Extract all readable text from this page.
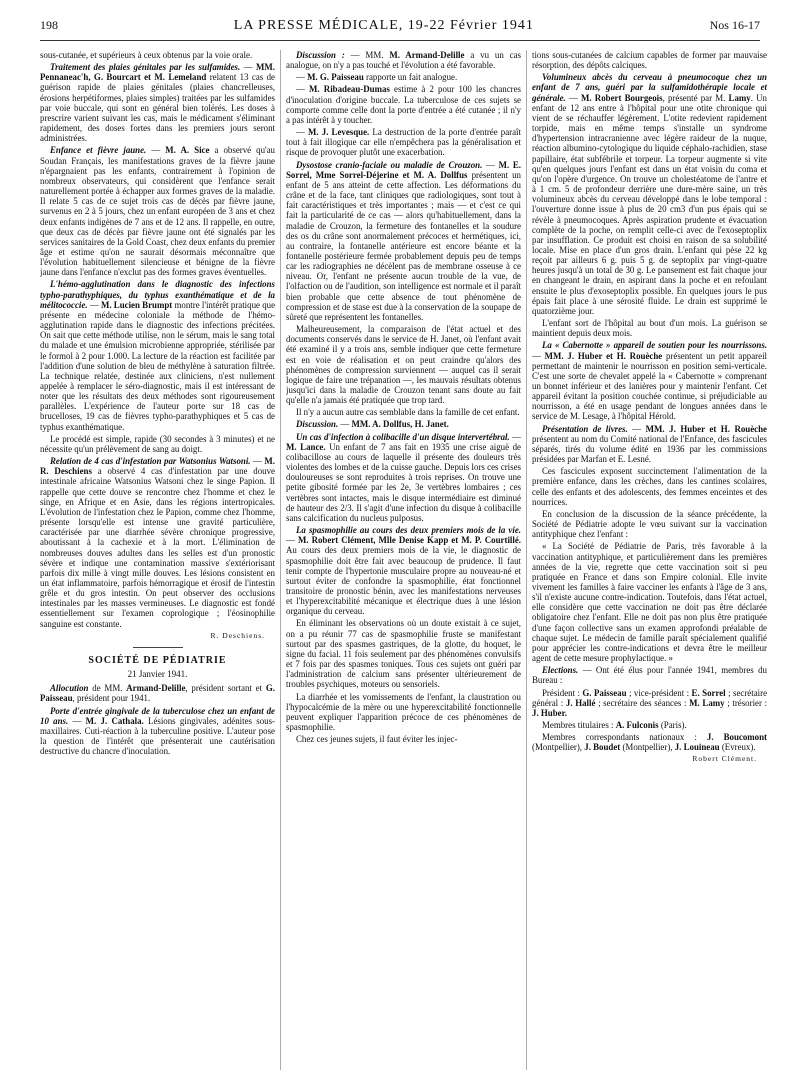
198	LA PRESSE MÉDICALE, 19-22 Février 1941	Nos 16-17

sous-cutanée, et supérieurs à ceux obtenus par la voie orale.

Traitement des plaies génitales par les sulfamides. — MM. Pennaneac'h, G. Bourcart et M. Lemeland relatent 13 cas de guérison rapide de plaies génitales (plaies chancrelleuses, érosions herpétiformes, plaies simples) traitées par les sulfamides par voie buccale, qui sont en général bien tolérés. Les doses à prescrire varient suivant les cas, mais le médicament s'éliminant rapidement, des doses fortes dans les premiers jours seront administrées.

Enfance et fièvre jaune. — M. A. Sice a observé qu'au Soudan Français, les manifestations graves de la fièvre jaune n'épargnaient pas les enfants, contrairement à l'opinion de nombreux observateurs, qui considèrent que l'enfance serait naturellement portée à échapper aux formes graves de la maladie. Il relate 5 cas de ce sujet trois cas de décès par fièvre jaune, survenus en 2 à 5 jours, chez un enfant européen de 3 ans et chez deux enfants indigènes de 7 ans et de 12 ans. Il rappelle, en outre, que deux cas de décès par fièvre jaune ont été signalés par les services sanitaires de la Gold Coast, chez deux enfants du premier âge et estime qu'on ne saurait désormais méconnaître que l'évolution habituellement silencieuse et bénigne de la fièvre jaune dans l'enfance n'exclut pas des formes graves éventuelles.

L'hémo-agglutination dans le diagnostic des infections typho-parathyphiques, du typhus exanthématique et de la mélitococcie. — M. Lucien Brumpt montre l'intérêt pratique que présente en médecine coloniale la méthode de l'hémo-agglutination rapide dans le diagnostic des infections précitées. On sait que cette méthode utilise, non le sérum, mais le sang total du malade et une émulsion microbienne appropriée, stérilisée par le formol à 2 pour 1.000. La lecture de la réaction est facilitée par l'addition d'une solution de bleu de méthylène à saturation filtrée. La technique relatée, destinée aux cliniciens, n'est nullement appelée à remplacer le séro-diagnostic, mais il est intéressant de noter que les résultats des deux méthodes sont rigoureusement parallèles. L'expérience de l'auteur porte sur 18 cas de brucelloses, 19 cas de fièvres typho-parathyphiques et 5 cas de typhus exanthématique.

Le procédé est simple, rapide (30 secondes à 3 minutes) et ne nécessite qu'un prélèvement de sang au doigt.

Relation de 4 cas d'infestation par Watsonius Watsoni. — M. R. Deschiens a observé 4 cas d'infestation par une douve intestinale africaine Watsonius Watsoni chez le singe Papion. Il rappelle que cette douve se rencontre chez l'homme et chez le singe, en Afrique et en Asie, dans les régions intertropicales. L'évolution de l'infestation chez le Papion, comme chez l'homme, présente lorsqu'elle est intense une gravité particulière, caractérisée par une diarrhée sévère chronique progressive, aboutissant à la cachexie et à la mort. L'élimination de nombreuses douves adultes dans les selles est d'un pronostic sévère et indique une contamination massive s'extériorisant parfois dix mille à vingt mille douves. Les lésions consistent en un état inflammatoire, parfois hémorragique et érosif de l'intestin grêle et du gros intestin. On peut observer des occlusions intestinales par les masses vermineuses. Le diagnostic est fondé essentiellement sur l'examen coprologique ; l'éosinophilie sanguine est constante.

R. Deschiens.

SOCIÉTÉ DE PÉDIATRIE

21 Janvier 1941.

Allocution de MM. Armand-Delille, président sortant et G. Paisseau, président pour 1941.

Porte d'entrée gingivale de la tuberculose chez un enfant de 10 ans. — M. J. Cathala. Lésions gingivales, adénites sous-maxillaires. Cuti-réaction à la tuberculine positive. L'auteur pose la question de l'intérêt que présenterait une cautérisation destructive du chancre d'inoculation.

Discussion : — MM. M. Armand-Delille a vu un cas analogue, on n'y a pas touché et l'évolution a été favorable.

— M. G. Paisseau rapporte un fait analogue.

— M. Ribadeau-Dumas estime à 2 pour 100 les chancres d'inoculation d'origine buccale. La tuberculose de ces sujets se comporte comme celle dont la porte d'entrée a été cutanée ; il n'y a pas intérêt à y toucher.

— M. J. Levesque. La destruction de la porte d'entrée paraît tout à fait illogique car elle n'empêchera pas la généralisation et risque de provoquer plutôt une exacerbation.

Dysostose cranio-faciale ou maladie de Crouzon. — M. E. Sorrel, Mme Sorrel-Déjerine et M. A. Dollfus présentent un enfant de 5 ans atteint de cette affection. Les déformations du crâne et de la face, tant cliniques que radiologiques, sont tout à fait caractéristiques et très importantes ; mais — et c'est ce qui fait la particularité de ce cas — alors qu'habituellement, dans la maladie de Crouzon, la fermeture des fontanelles et la soudure des os du crâne sont anormalement précoces et hermétiques, ici, au contraire, la fontanelle antérieure est encore béante et la fontanelle postérieure fermée probablement depuis peu de temps car les radiographies ne décèlent pas de membrane osseuse à ce niveau. Or, l'enfant ne présente aucun trouble de la vue, de l'olfaction ou de l'audition, son intelligence est normale et il paraît bien probable que cette absence de tout phénomène de compression et de stase est due à la conservation de la soupape de sûreté que représentent les fontanelles.

Malheureusement, la comparaison de l'état actuel et des documents conservés dans le service de H. Janet, où l'enfant avait été examiné il y a trois ans, semble indiquer que cette fermeture est en voie de réalisation et on peut craindre qu'alors des phénomènes de compression surviennent — auquel cas il serait logique de faire une trépanation —, les mauvais résultats obtenus jusqu'ici dans la maladie de Crouzon tenant sans doute au fait qu'elle n'a jamais été pratiquée que trop tard.

Il n'y a aucun autre cas semblable dans la famille de cet enfant.

Discussion. — MM. A. Dollfus, H. Janet.

Un cas d'infection à colibacille d'un disque intervertébral. — M. Lance. Un enfant de 7 ans fait en 1935 une crise aiguë de colibacillose au cours de laquelle il présente des douleurs très violentes des lombes et de la cuisse gauche. Depuis lors ces crises douloureuses se sont reproduites à trois reprises. On trouve une petite gibosité formée par les 2e, 3e vertèbres lombaires ; ces vertèbres sont intactes, mais le disque intermédiaire est diminué de hauteur des 2/3. Il s'agit d'une infection du disque à colibacille sans calcification du nucleus pulposus.

La spasmophilie au cours des deux premiers mois de la vie. — M. Robert Clément, Mlle Denise Kapp et M. P. Courtillé. Au cours des deux premiers mois de la vie, le diagnostic de spasmophilie doit être fait avec beaucoup de prudence. Il faut tenir compte de l'hypertonie musculaire propre au nouveau-né et surtout éviter de confondre la spasmophilie, état fonctionnel transitoire de pronostic bénin, avec les manifestations nerveuses et l'hyperexcitabilité mécanique et électrique dues à une lésion organique du cerveau.

En éliminant les observations où un doute existait à ce sujet, on a pu réunir 77 cas de spasmophilie fruste se manifestant surtout par des spasmes gastriques, de la glotte, du hoquet, le signe du facial. 11 fois seulement par des phénomènes convulsifs et 7 fois par des spasmes toniques. Tous ces sujets ont guéri par l'administration de calcium sans présenter ultérieurement de troubles psychiques, moteurs ou sensoriels.

La diarrhée et les vomissements de l'enfant, la claustration ou l'hypocalcémie de la mère ou une hyperexcitabilité fonctionnelle peuvent expliquer l'apparition précoce de ces phénomènes de spasmophilie.

Chez ces jeunes sujets, il faut éviter les injec-

tions sous-cutanées de calcium capables de former par mauvaise résorption, des dépôts calciques.

Volumineux abcès du cerveau à pneumocoque chez un enfant de 7 ans, guéri par la sulfamidothérapie locale et générale. — M. Robert Bourgeois, présenté par M. Lamy. Un enfant de 12 ans entre à l'hôpital pour une otite chronique qui vient de se réchauffer légèrement. L'otite redevient rapidement torpide, mais en même temps s'installe un syndrome d'hypertension intracranienne avec légère raideur de la nuque, réaction albumino-cytologique du liquide céphalo-rachidien, stase papillaire, état subfébrile et torpeur. La torpeur augmente si vite qu'en quelques jours l'enfant est dans un état voisin du coma et qu'on l'opère d'urgence. On trouve un cholestéatome de l'antre et à 1 cm. 5 de profondeur derrière une dure-mère saine, un très volumineux abcès du cerveau développé dans le lobe temporal : l'ouverture donne issue à plus de 20 cm3 d'un pus épais qui se révèle à pneumocoques. Après aspiration prudente et évacuation complète de la poche, on remplit celle-ci avec de l'exoseptoplix par insufflation. Ce produit est choisi en raison de sa solubilité locale. Mise en place d'un gros drain. L'enfant qui pèse 22 kg reçoit par ailleurs 6 g. puis 5 g. de septoplix par vingt-quatre heures jusqu'à un total de 30 g. Le pansement est fait chaque jour en changeant le drain, en aspirant dans la poche et en refoulant ensuite le plus d'exoseptoplix possible. En quelques jours le pus épais fait place à une sérosité fluide. Le drain est supprimé le quatorzième jour.

L'enfant sort de l'hôpital au bout d'un mois. La guérison se maintient depuis deux mois.

La « Cabernotte » appareil de soutien pour les nourrissons. — MM. J. Huber et H. Rouèche présentent un petit appareil permettant de maintenir le nourrisson en position semi-verticale. C'est une sorte de chevalet appelé la « Cabernotte » comprenant un bonnet inférieur et des lanières pour y maintenir l'enfant. Cet appareil évitant la position couchée continue, si préjudiciable au nourrisson, a été en usage pendant de longues années dans le service de M. Lesage, à l'hôpital Hérold.

Présentation de livres. — MM. J. Huber et H. Rouèche présentent au nom du Comité national de l'Enfance, des fascicules séparés, tirés du volume édité en 1936 par les commissions présidées par Marfan et E. Lesné.

Ces fascicules exposent succinctement l'alimentation de la première enfance, dans les crèches, dans les cantines scolaires, celle des enfants et des adolescents, des femmes enceintes et des nourrices.

En conclusion de la discussion de la séance précédente, la Société de Pédiatrie adopte le vœu suivant sur la vaccination antityphique chez l'enfant :

« La Société de Pédiatrie de Paris, très favorable à la vaccination antityphique, et particulièrement dans les premières années de la vie, regrette que cette vaccination soit si peu pratiquée en France et dans son Empire colonial. Elle invite vivement les familles à faire vacciner les enfants à l'âge de 3 ans, s'il n'existe aucune contre-indication. Toutefois, dans l'état actuel, elle considère que cette vaccination ne doit pas être déclarée obligatoire chez l'enfant. Elle ne doit pas non plus être pratiquée d'une façon collective sans un examen approfondi préalable de chaque sujet. Le médecin de famille paraît spécialement qualifié pour apprécier les contre-indications et devra être le meilleur agent de cette mesure prophylactique. »

Elections. — Ont été élus pour l'année 1941, membres du Bureau :

Président : G. Paisseau ; vice-président : E. Sorrel ; secrétaire général : J. Hallé ; secrétaire des séances : M. Lamy ; trésorier : J. Huber.

Membres titulaires : A. Fulconis (Paris).

Membres correspondants nationaux : J. Boucomont (Montpellier), J. Boudet (Montpellier), J. Louineau (Evreux).

Robert Clément.
